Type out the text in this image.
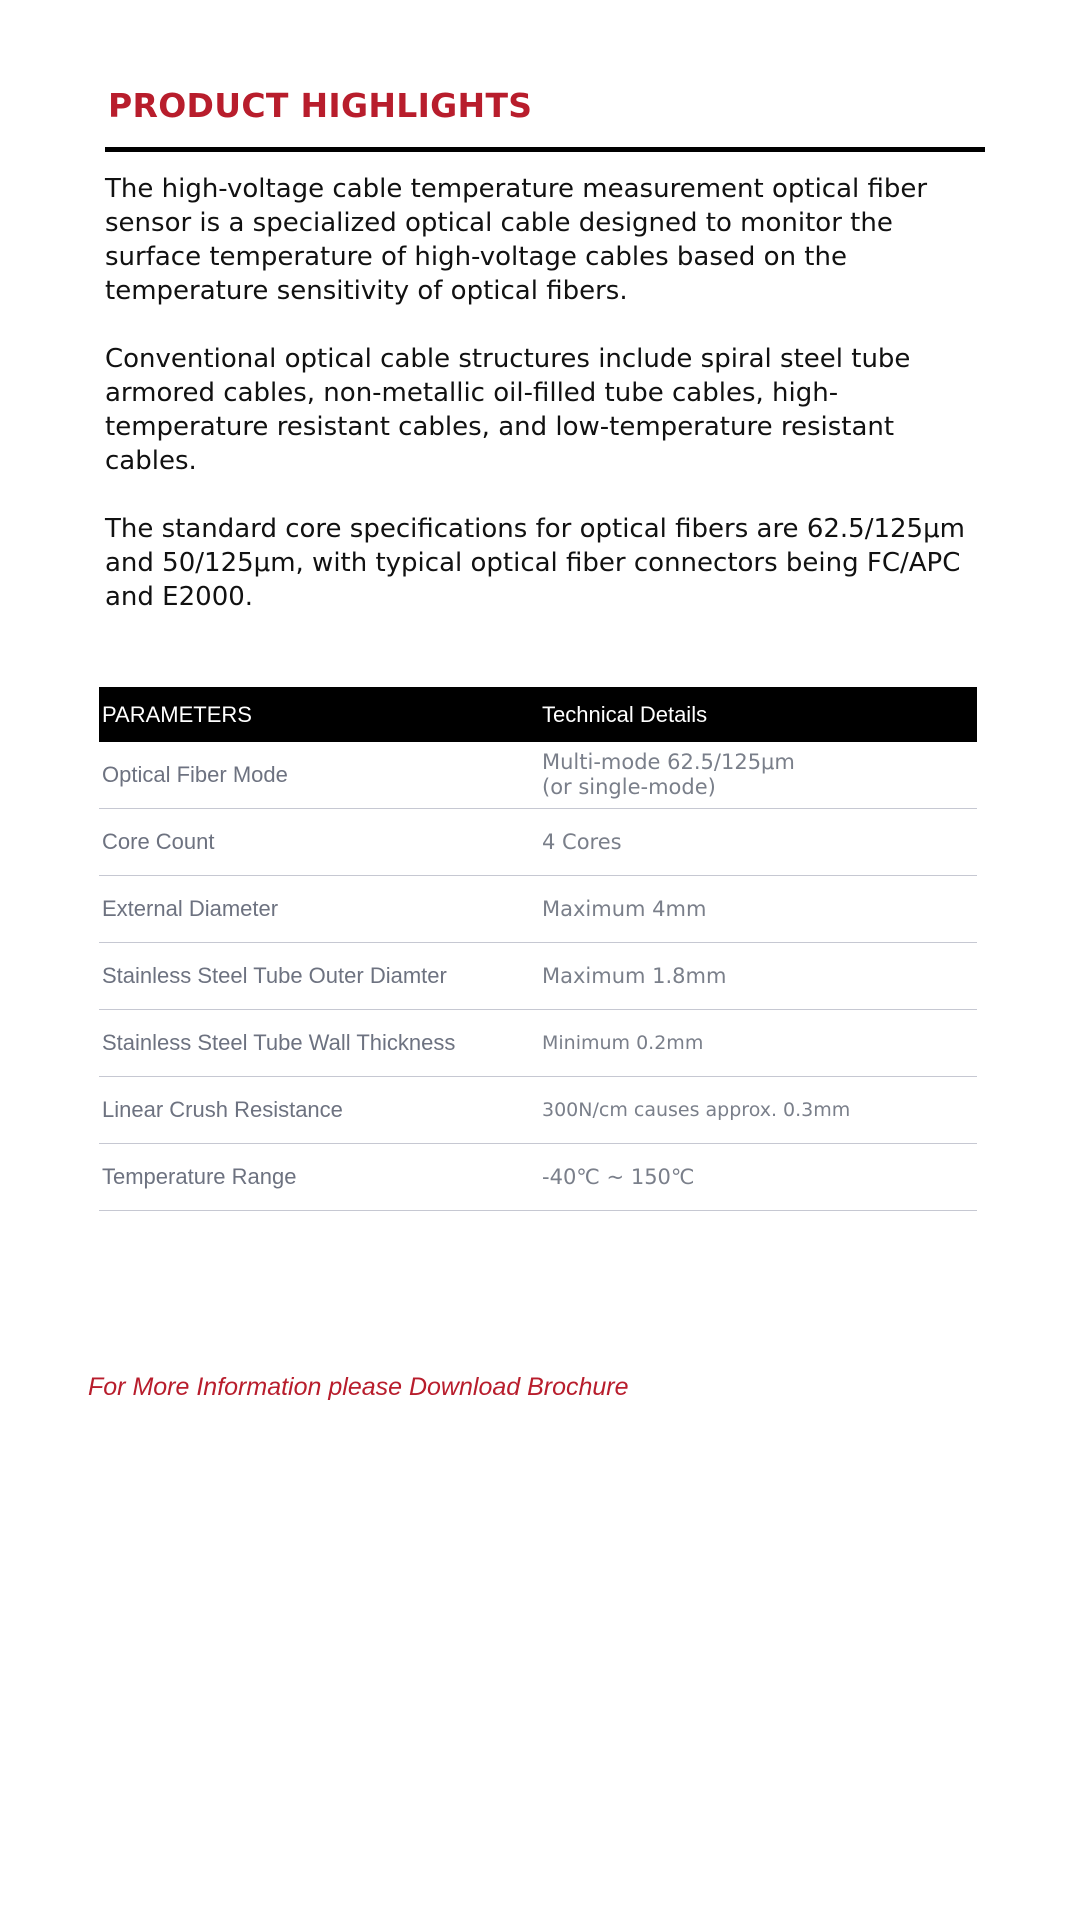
PRODUCT HIGHLIGHTS

The high-voltage cable temperature measurement optical fiber sensor is a specialized optical cable designed to monitor the surface temperature of high-voltage cables based on the temperature sensitivity of optical fibers.

Conventional optical cable structures include spiral steel tube armored cables, non-metallic oil-filled tube cables, high-temperature resistant cables, and low-temperature resistant cables.

The standard core specifications for optical fibers are 62.5/125μm and 50/125μm, with typical optical fiber connectors being FC/APC and E2000.

PARAMETERS	Technical Details
Optical Fiber Mode	Multi-mode 62.5/125μm
(or single-mode)

Core Count	4 Cores
External Diameter	Maximum 4mm
Stainless Steel Tube Outer Diamter	Maximum 1.8mm
Stainless Steel Tube Wall Thickness	Minimum 0.2mm
Linear Crush Resistance	300N/cm causes approx. 0.3mm
Temperature Range	-40℃ ~ 150℃
For More Information please Download Brochure
